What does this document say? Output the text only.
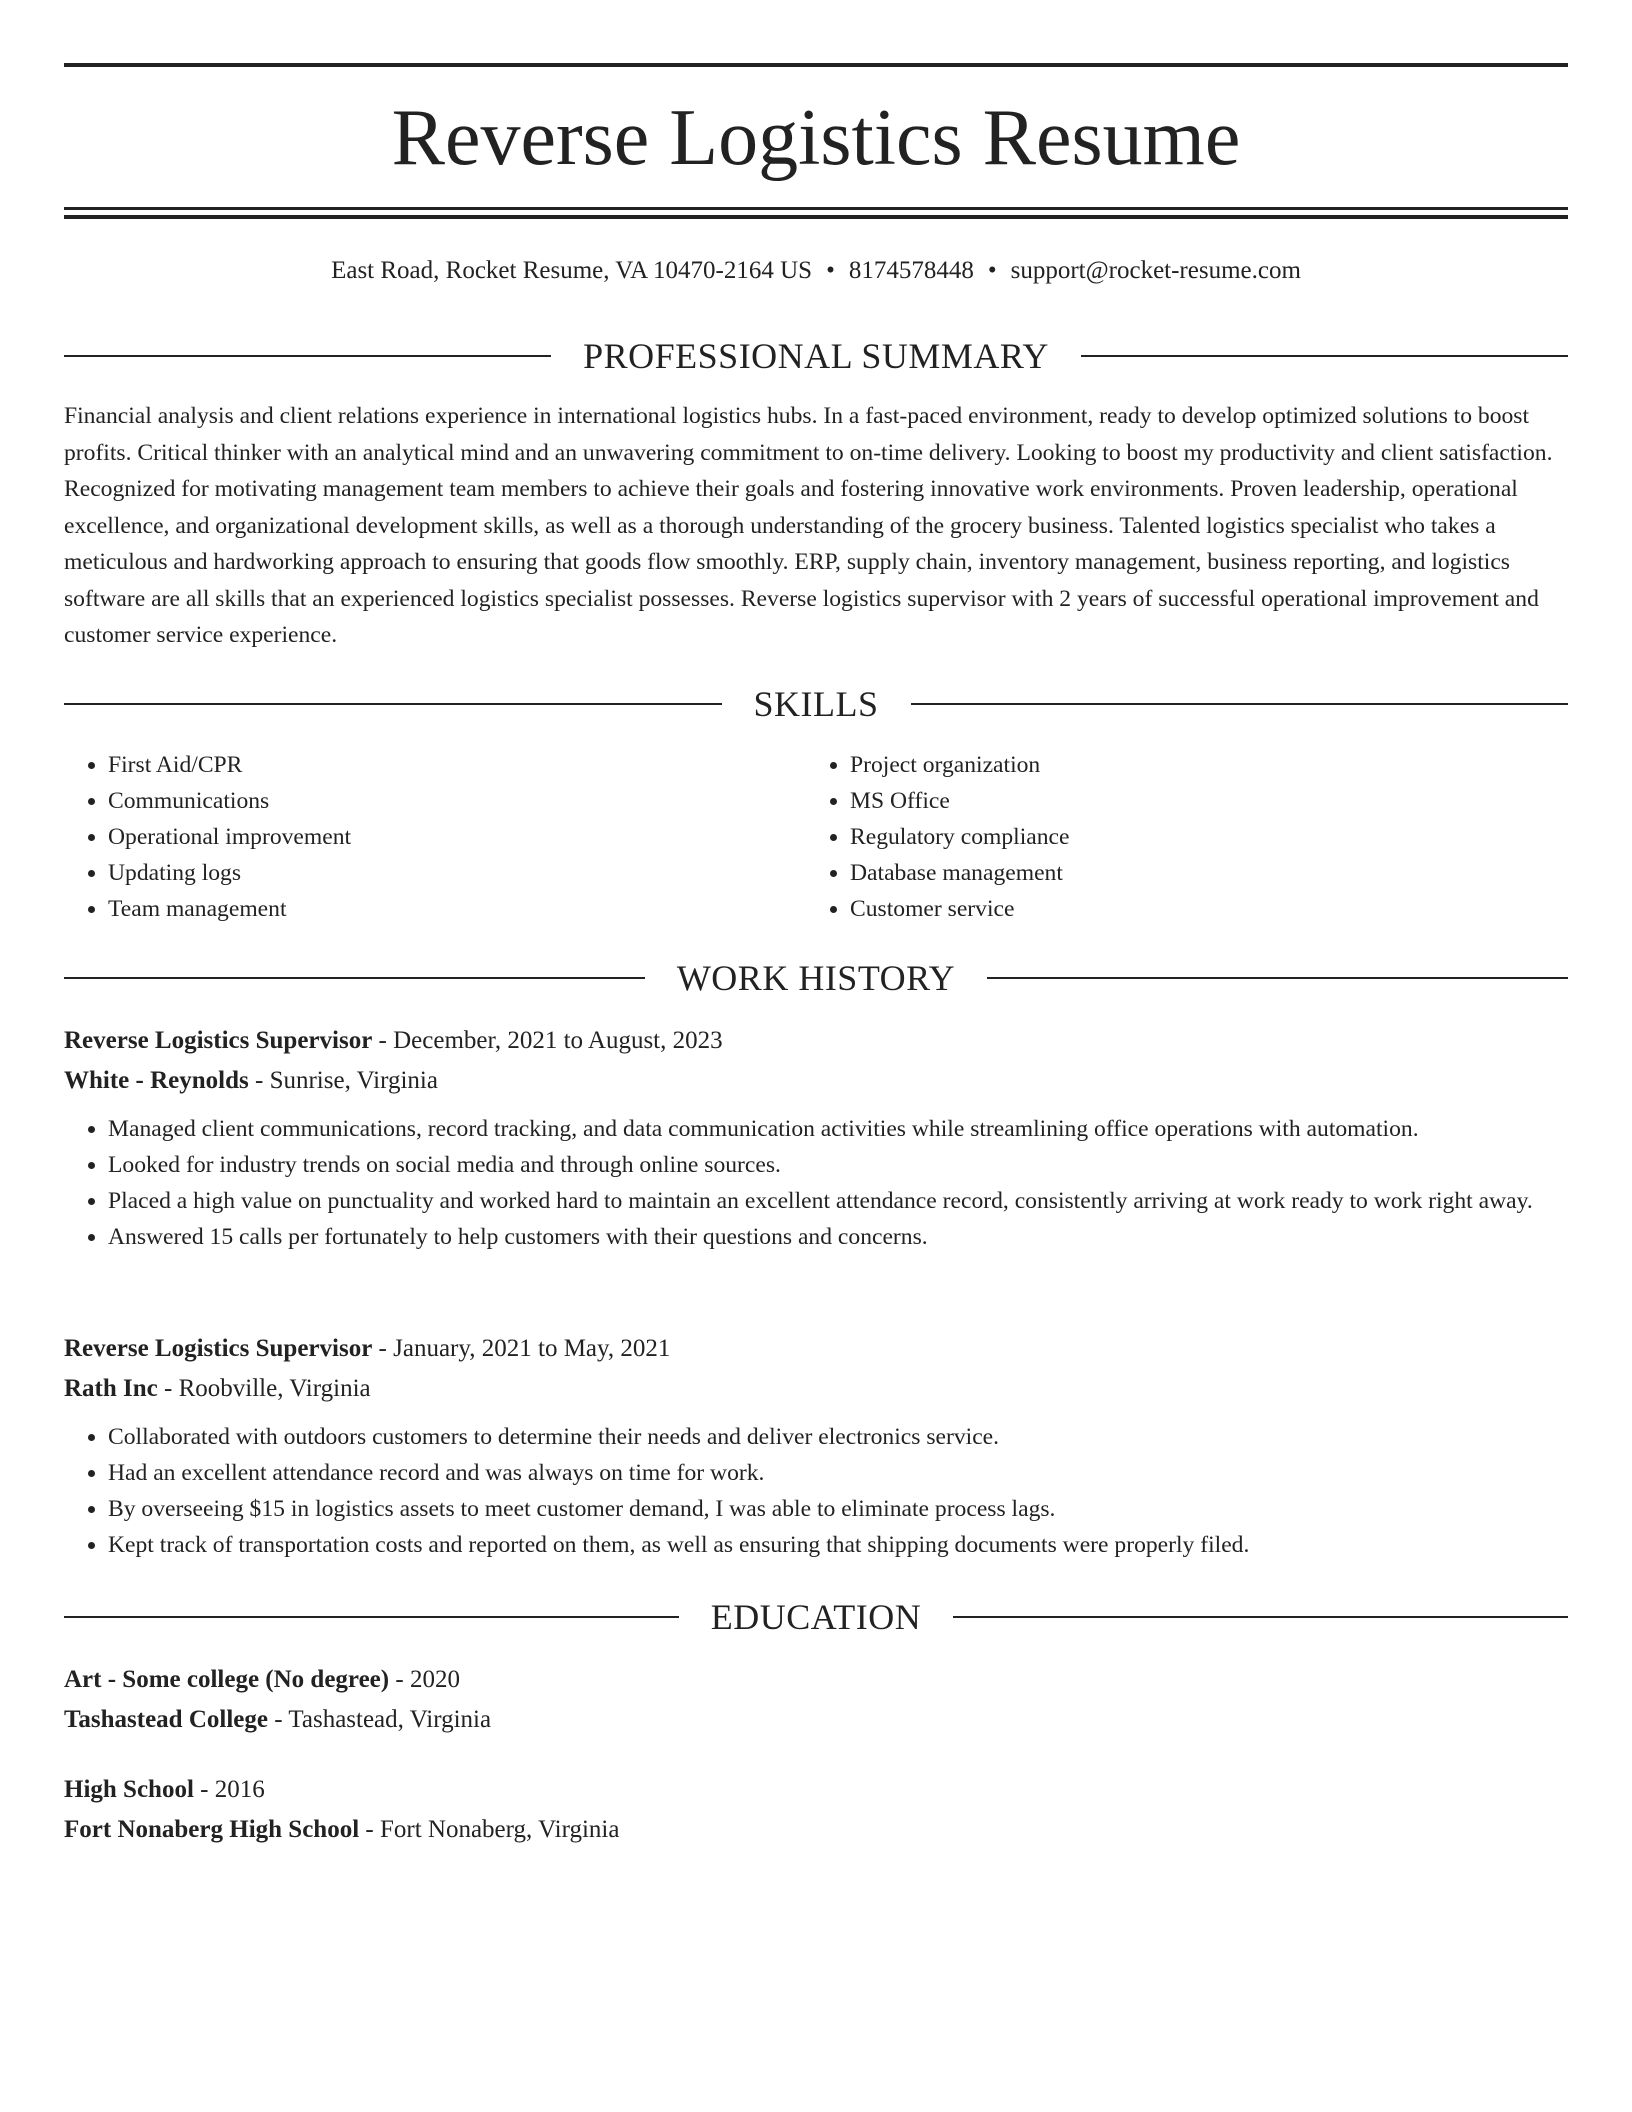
Reverse Logistics Resume
East Road, Rocket Resume, VA 10470-2164 US • 8174578448 • support@rocket-resume.com
PROFESSIONAL SUMMARY

Financial analysis and client relations experience in international logistics hubs. In a fast-paced environment, ready to develop optimized solutions to boost profits. Critical thinker with an analytical mind and an unwavering commitment to on-time delivery. Looking to boost my productivity and client satisfaction. Recognized for motivating management team members to achieve their goals and fostering innovative work environments. Proven leadership, operational excellence, and organizational development skills, as well as a thorough understanding of the grocery business. Talented logistics specialist who takes a meticulous and hardworking approach to ensuring that goods flow smoothly. ERP, supply chain, inventory management, business reporting, and logistics software are all skills that an experienced logistics specialist possesses. Reverse logistics supervisor with 2 years of successful operational improvement and customer service experience.

SKILLS
• First Aid/CPR
• Communications
• Operational improvement
• Updating logs
• Team management
• Project organization
• MS Office
• Regulatory compliance
• Database management
• Customer service
WORK HISTORY
Reverse Logistics Supervisor - December, 2021 to August, 2023
White - Reynolds - Sunrise, Virginia
• Managed client communications, record tracking, and data communication activities while streamlining office operations with automation.
• Looked for industry trends on social media and through online sources.
• Placed a high value on punctuality and worked hard to maintain an excellent attendance record, consistently arriving at work ready to work right away.
• Answered 15 calls per fortunately to help customers with their questions and concerns.
Reverse Logistics Supervisor - January, 2021 to May, 2021
Rath Inc - Roobville, Virginia
• Collaborated with outdoors customers to determine their needs and deliver electronics service.
• Had an excellent attendance record and was always on time for work.
• By overseeing $15 in logistics assets to meet customer demand, I was able to eliminate process lags.
• Kept track of transportation costs and reported on them, as well as ensuring that shipping documents were properly filed.
EDUCATION
Art - Some college (No degree) - 2020
Tashastead College - Tashastead, Virginia
High School - 2016
Fort Nonaberg High School - Fort Nonaberg, Virginia
